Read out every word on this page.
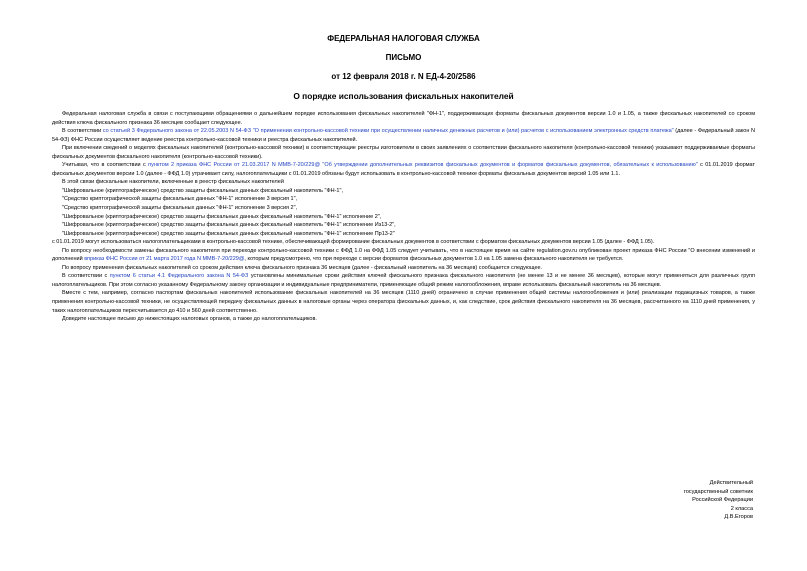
ФЕДЕРАЛЬНАЯ НАЛОГОВАЯ СЛУЖБА
ПИСЬМО
от 12 февраля 2018 г. N ЕД-4-20/2586
О порядке использования фискальных накопителей

Федеральная налоговая служба в связи с поступающими обращениями о дальнейшем порядке использования фискальных накопителей "ФН-1", поддерживающих форматы фискальных документов версии 1.0 и 1.05, а также фискальных накопителей со сроком действия ключа фискального признака 36 месяцев сообщает следующее.

В соответствии со статьей 3 Федерального закона от 22.05.2003 N 54-ФЗ "О применении контрольно-кассовой техники при осуществлении наличных денежных расчетов и (или) расчетов с использованием электронных средств платежа" (далее - Федеральный закон N 54-ФЗ) ФНС России осуществляет ведение реестра контрольно-кассовой техники и реестра фискальных накопителей.

При включении сведений о моделях фискальных накопителей (контрольно-кассовой техники) в соответствующие реестры изготовители в своих заявлениях о соответствии фискального накопителя (контрольно-кассовой техники) указывают поддерживаемые форматы фискальных документов фискального накопителя (контрольно-кассовой техники).

Учитывая, что в соответствии с пунктом 2 приказа ФНС России от 21.03.2017 N ММВ-7-20/229@ "Об утверждении дополнительных реквизитов фискальных документов и форматов фискальных документов, обязательных к использованию" с 01.01.2019 формат фискальных документов версии 1.0 (далее - ФФД 1.0) утрачивает силу, налогоплательщики с 01.01.2019 обязаны будут использовать в контрольно-кассовой технике форматы фискальных документов версий 1.05 или 1.1.

В этой связи фискальные накопители, включенные в реестр фискальных накопителей

"Шифровальное (криптографическое) средство защиты фискальных данных фискальный накопитель "ФН-1",

"Средство криптографической защиты фискальных данных "ФН-1" исполнение 3 версия 1",

"Средство криптографической защиты фискальных данных "ФН-1" исполнение 3 версия 2",

"Шифровальное (криптографическое) средство защиты фискальных данных фискальный накопитель "ФН-1" исполнение 2",

"Шифровальное (криптографическое) средство защиты фискальных данных фискальный накопитель "ФН-1" исполнение Из13-2",

"Шифровальное (криптографическое) средство защиты фискальных данных фискальный накопитель "ФН-1" исполнение Пр13-2"

с 01.01.2019 могут использоваться налогоплательщиками в контрольно-кассовой технике, обеспечивающей формирование фискальных документов в соответствии с форматом фискальных документов версии 1.05 (далее - ФФД 1.05).

По вопросу необходимости замены фискального накопителя при переходе контрольно-кассовой техники с ФФД 1.0 на ФФД 1.05 следует учитывать, что в настоящее время на сайте regulation.gov.ru опубликован проект приказа ФНС России "О внесении изменений и дополнений вприказ ФНС России от 21 марта 2017 года N ММВ-7-20/229@, которым предусмотрено, что при переходе с версии форматов фискальных документов 1.0 на 1.05 замена фискального накопителя не требуется.

По вопросу применения фискальных накопителей со сроком действия ключа фискального признака 36 месяцев (далее - фискальный накопитель на 36 месяцев) сообщается следующее.

В соответствии с пунктом 6 статьи 4.1 Федерального закона N 54-ФЗ установлены минимальные сроки действия ключей фискального признака фискального накопителя (не менее 13 и не менее 36 месяцев), которые могут применяться для различных групп налогоплательщиков. При этом согласно указанному Федеральному закону организации и индивидуальные предприниматели, применяющие общий режим налогообложения, вправе использовать фискальный накопитель на 36 месяцев.

Вместе с тем, например, согласно паспортам фискальных накопителей использование фискальных накопителей на 36 месяцев (1110 дней) ограничено в случае применения общей системы налогообложения и (или) реализации подакцизных товаров, а также применения контрольно-кассовой техники, не осуществляющей передачу фискальных данных в налоговые органы через оператора фискальных данных, и, как следствие, срок действия фискального накопителя на 36 месяцев, рассчитанного на 1110 дней применения, у таких налогоплательщиков пересчитывается до 410 и 560 дней соответственно.

Доведите настоящее письмо до нижестоящих налоговых органов, а также до налогоплательщиков.

Действительный
государственный советник
Российской Федерации
2 класса
Д.В.Егоров
